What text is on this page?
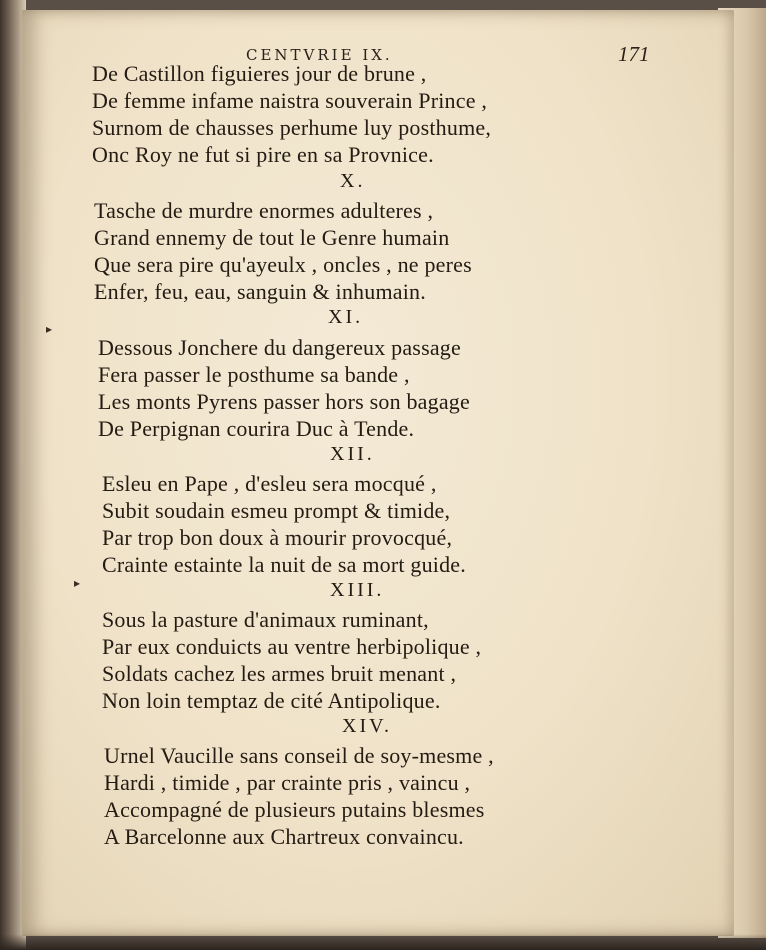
CENTVRIE IX.	171
De Castillon figuieres jour de brune ,
De femme infame naistra souverain Prince ,
Surnom de chausses perhume luy posthume,
Onc Roy ne fut si pire en sa Provnice.
X.
Tasche de murdre enormes adulteres ,
Grand ennemy de tout le Genre humain
Que sera pire qu'ayeulx , oncles , ne peres
Enfer, feu, eau, sanguin & inhumain.
XI.
▸
Dessous Jonchere du dangereux passage
Fera passer le posthume sa bande ,
Les monts Pyrens passer hors son bagage
De Perpignan courira Duc à Tende.
XII.
Esleu en Pape , d'esleu sera mocqué ,
Subit soudain esmeu prompt & timide,
Par trop bon doux à mourir provocqué,
Crainte estainte la nuit de sa mort guide.
▸	XIII.
Sous la pasture d'animaux ruminant,
Par eux conduicts au ventre herbipolique ,
Soldats cachez les armes bruit menant ,
Non loin temptaz de cité Antipolique.
XIV.
Urnel Vaucille sans conseil de soy-mesme ,
Hardi , timide , par crainte pris , vaincu ,
Accompagné de plusieurs putains blesmes
A Barcelonne aux Chartreux convaincu.
